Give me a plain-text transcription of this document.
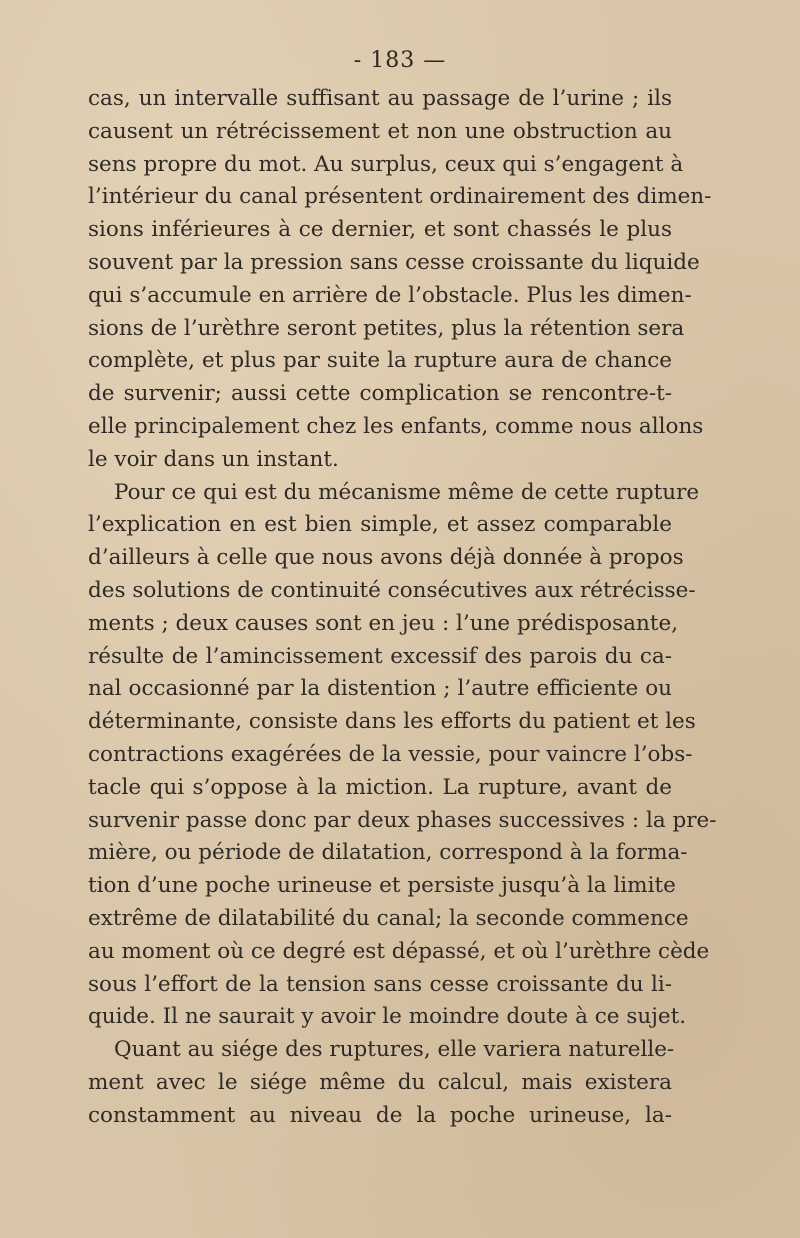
- 183 —
cas, un intervalle suffisant au passage de l’urine ; ils
causent un rétrécissement et non une obstruction au
sens propre du mot. Au surplus, ceux qui s’engagent à
l’intérieur du canal présentent ordinairement des dimen-
sions inférieures à ce dernier, et sont chassés le plus
souvent par la pression sans cesse croissante du liquide
qui s’accumule en arrière de l’obstacle. Plus les dimen-
sions de l’urèthre seront petites, plus la rétention sera
complète, et plus par suite la rupture aura de chance
de survenir; aussi cette complication se rencontre-t-
elle principalement chez les enfants, comme nous allons
le voir dans un instant.
Pour ce qui est du mécanisme même de cette rupture
l’explication en est bien simple, et assez comparable
d’ailleurs à celle que nous avons déjà donnée à propos
des solutions de continuité consécutives aux rétrécisse-
ments ; deux causes sont en jeu : l’une prédisposante,
résulte de l’amincissement excessif des parois du ca-
nal occasionné par la distention ; l’autre efficiente ou
déterminante, consiste dans les efforts du patient et les
contractions exagérées de la vessie, pour vaincre l’obs-
tacle qui s’oppose à la miction. La rupture, avant de
survenir passe donc par deux phases successives : la pre-
mière, ou période de dilatation, correspond à la forma-
tion d’une poche urineuse et persiste jusqu’à la limite
extrême de dilatabilité du canal; la seconde commence
au moment où ce degré est dépassé, et où l’urèthre cède
sous l’effort de la tension sans cesse croissante du li-
quide. Il ne saurait y avoir le moindre doute à ce sujet.
Quant au siége des ruptures, elle variera naturelle-
ment avec le siége même du calcul, mais existera
constamment au niveau de la poche urineuse, la-
